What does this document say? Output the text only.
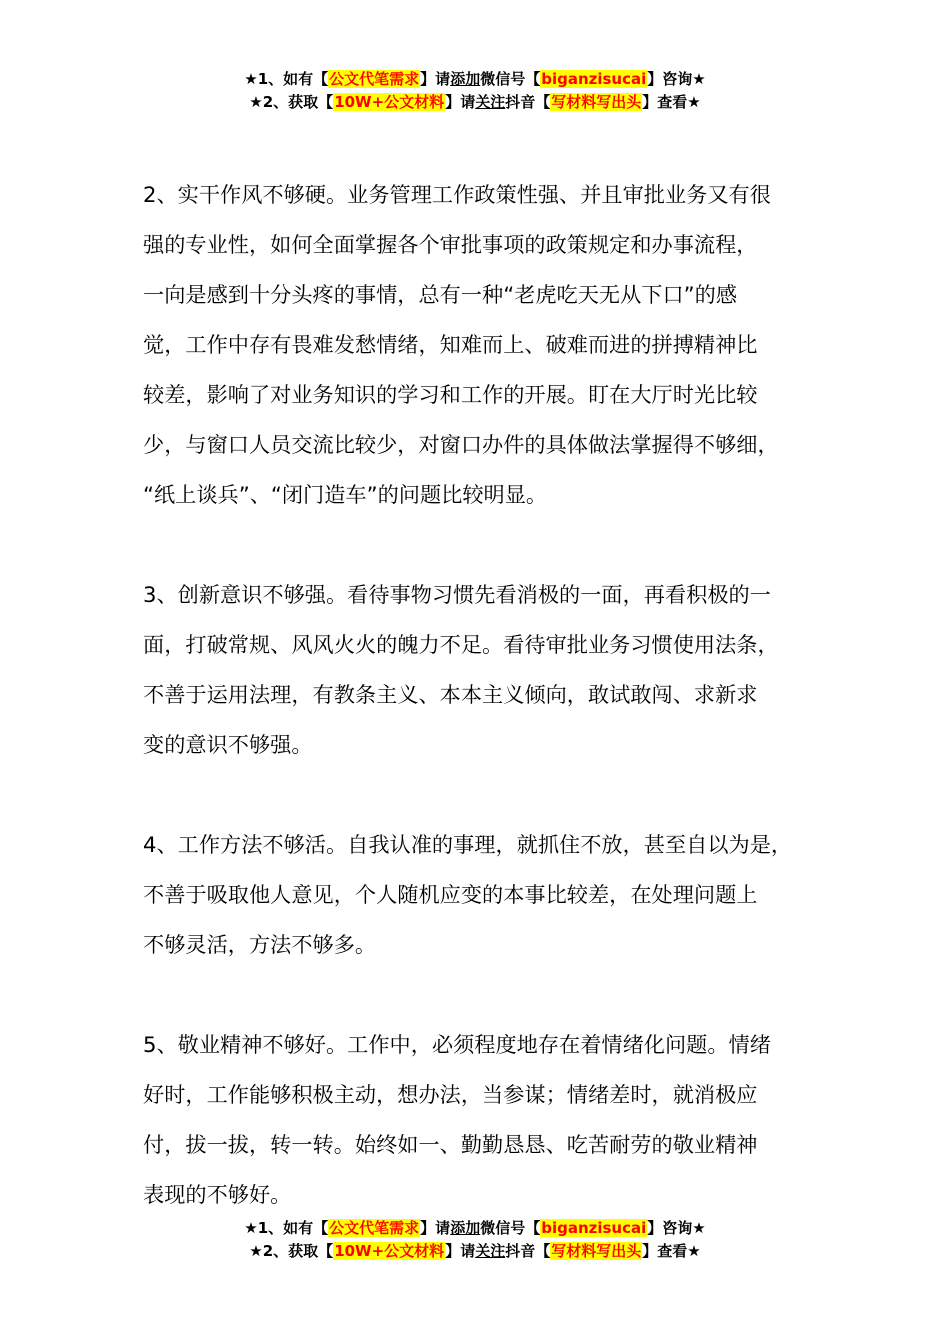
★1、如有【公文代笔需求】请添加微信号【biganzisucai】咨询★
★2、获取【10W+公文材料】请关注抖音【写材料写出头】查看★
2、实干作风不够硬。业务管理工作政策性强、并且审批业务又有很
强的专业性，如何全面掌握各个审批事项的政策规定和办事流程，
一向是感到十分头疼的事情，总有一种“老虎吃天无从下口”的感
觉，工作中存有畏难发愁情绪，知难而上、破难而进的拼搏精神比
较差，影响了对业务知识的学习和工作的开展。盯在大厅时光比较
少，与窗口人员交流比较少，对窗口办件的具体做法掌握得不够细，
“纸上谈兵”、“闭门造车”的问题比较明显。
3、创新意识不够强。看待事物习惯先看消极的一面，再看积极的一
面，打破常规、风风火火的魄力不足。看待审批业务习惯使用法条，
不善于运用法理，有教条主义、本本主义倾向，敢试敢闯、求新求
变的意识不够强。
4、工作方法不够活。自我认准的事理，就抓住不放，甚至自以为是，
不善于吸取他人意见，个人随机应变的本事比较差，在处理问题上
不够灵活，方法不够多。
5、敬业精神不够好。工作中，必须程度地存在着情绪化问题。情绪
好时，工作能够积极主动，想办法，当参谋；情绪差时，就消极应
付，拔一拔，转一转。始终如一、勤勤恳恳、吃苦耐劳的敬业精神
表现的不够好。
★1、如有【公文代笔需求】请添加微信号【biganzisucai】咨询★
★2、获取【10W+公文材料】请关注抖音【写材料写出头】查看★
